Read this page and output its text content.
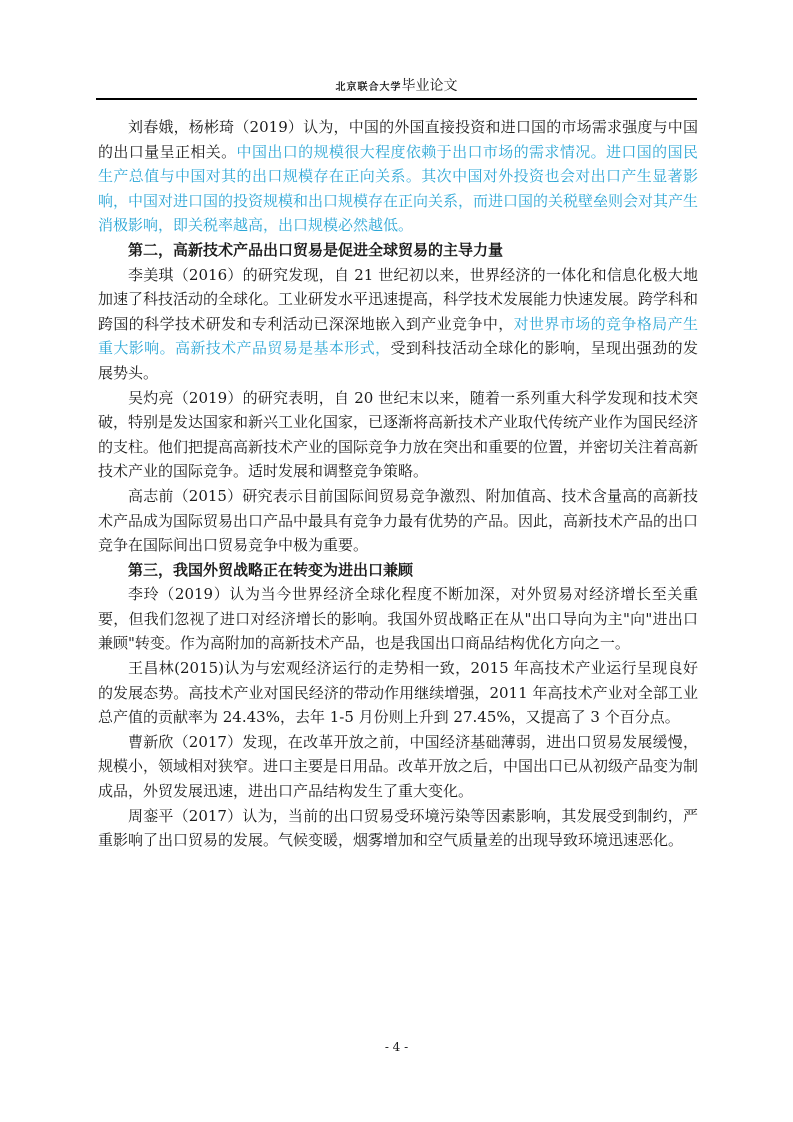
北京联合大学毕业论文

刘春娥，杨彬琦（2019）认为，中国的外国直接投资和进口国的市场需求强度与中国的出口量呈正相关。中国出口的规模很大程度依赖于出口市场的需求情况。进口国的国民生产总值与中国对其的出口规模存在正向关系。其次中国对外投资也会对出口产生显著影响，中国对进口国的投资规模和出口规模存在正向关系，而进口国的关税壁垒则会对其产生消极影响，即关税率越高，出口规模必然越低。

第二，高新技术产品出口贸易是促进全球贸易的主导力量

李美琪（2016）的研究发现，自 21 世纪初以来，世界经济的一体化和信息化极大地加速了科技活动的全球化。工业研发水平迅速提高，科学技术发展能力快速发展。跨学科和跨国的科学技术研发和专利活动已深深地嵌入到产业竞争中，对世界市场的竞争格局产生重大影响。高新技术产品贸易是基本形式，受到科技活动全球化的影响，呈现出强劲的发展势头。

吴灼亮（2019）的研究表明，自 20 世纪末以来，随着一系列重大科学发现和技术突破，特别是发达国家和新兴工业化国家，已逐渐将高新技术产业取代传统产业作为国民经济的支柱。他们把提高高新技术产业的国际竞争力放在突出和重要的位置，并密切关注着高新技术产业的国际竞争。适时发展和调整竞争策略。

高志前（2015）研究表示目前国际间贸易竞争激烈、附加值高、技术含量高的高新技术产品成为国际贸易出口产品中最具有竞争力最有优势的产品。因此，高新技术产品的出口竞争在国际间出口贸易竞争中极为重要。

第三，我国外贸战略正在转变为进出口兼顾

李玲（2019）认为当今世界经济全球化程度不断加深，对外贸易对经济增长至关重要，但我们忽视了进口对经济增长的影响。我国外贸战略正在从"出口导向为主"向"进出口兼顾"转变。作为高附加的高新技术产品，也是我国出口商品结构优化方向之一。

王昌林(2015)认为与宏观经济运行的走势相一致，2015 年高技术产业运行呈现良好的发展态势。高技术产业对国民经济的带动作用继续增强，2011 年高技术产业对全部工业总产值的贡献率为 24.43%，去年 1-5 月份则上升到 27.45%，又提高了 3 个百分点。

曹新欣（2017）发现，在改革开放之前，中国经济基础薄弱，进出口贸易发展缓慢，规模小，领域相对狭窄。进口主要是日用品。改革开放之后，中国出口已从初级产品变为制成品，外贸发展迅速，进出口产品结构发生了重大变化。

周銮平（2017）认为，当前的出口贸易受环境污染等因素影响，其发展受到制约，严重影响了出口贸易的发展。气候变暖，烟雾增加和空气质量差的出现导致环境迅速恶化。

- 4 -
